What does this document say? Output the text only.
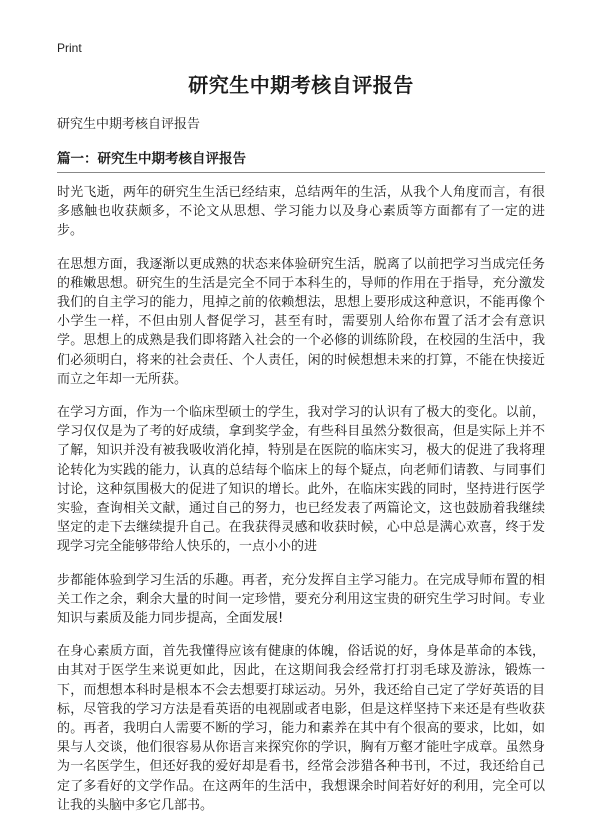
Print
研究生中期考核自评报告
研究生中期考核自评报告
篇一：研究生中期考核自评报告

时光飞逝，两年的研究生生活已经结束，总结两年的生活，从我个人角度而言，有很多感触也收获颇多，不论文从思想、学习能力以及身心素质等方面都有了一定的进步。

在思想方面，我逐渐以更成熟的状态来体验研究生活，脱离了以前把学习当成完任务的稚嫩思想。研究生的生活是完全不同于本科生的，导师的作用在于指导，充分激发我们的自主学习的能力，甩掉之前的依赖想法，思想上要形成这种意识，不能再像个小学生一样，不但由别人督促学习，甚至有时，需要别人给你布置了活才会有意识学。思想上的成熟是我们即将踏入社会的一个必修的训练阶段，在校园的生活中，我们必须明白，将来的社会责任、个人责任，闲的时候想想未来的打算，不能在快接近而立之年却一无所获。

在学习方面，作为一个临床型硕士的学生，我对学习的认识有了极大的变化。以前，学习仅仅是为了考的好成绩，拿到奖学金，有些科目虽然分数很高，但是实际上并不了解，知识并没有被我吸收消化掉，特别是在医院的临床实习，极大的促进了我将理论转化为实践的能力，认真的总结每个临床上的每个疑点，向老师们请教、与同事们讨论，这种氛围极大的促进了知识的增长。此外，在临床实践的同时，坚持进行医学实验，查询相关文献，通过自己的努力，也已经发表了两篇论文，这也鼓励着我继续坚定的走下去继续提升自己。在我获得灵感和收获时候，心中总是满心欢喜，终于发现学习完全能够带给人快乐的，一点小小的进

步都能体验到学习生活的乐趣。再者，充分发挥自主学习能力。在完成导师布置的相关工作之余，剩余大量的时间一定珍惜，要充分利用这宝贵的研究生学习时间。专业知识与素质及能力同步提高，全面发展!

在身心素质方面，首先我懂得应该有健康的体魄，俗话说的好，身体是革命的本钱，由其对于医学生来说更如此，因此，在这期间我会经常打打羽毛球及游泳，锻炼一下，而想想本科时是根本不会去想要打球运动。另外，我还给自己定了学好英语的目标，尽管我的学习方法是看英语的电视剧或者电影，但是这样坚持下来还是有些收获的。再者，我明白人需要不断的学习，能力和素养在其中有个很高的要求，比如，如果与人交谈，他们很容易从你语言来探究你的学识，胸有万壑才能吐字成章。虽然身为一名医学生，但还好我的爱好却是看书，经常会涉猎各种书刊，不过，我还给自己定了多看好的文学作品。在这两年的生活中，我想课余时间若好好的利用，完全可以让我的头脑中多它几部书。
